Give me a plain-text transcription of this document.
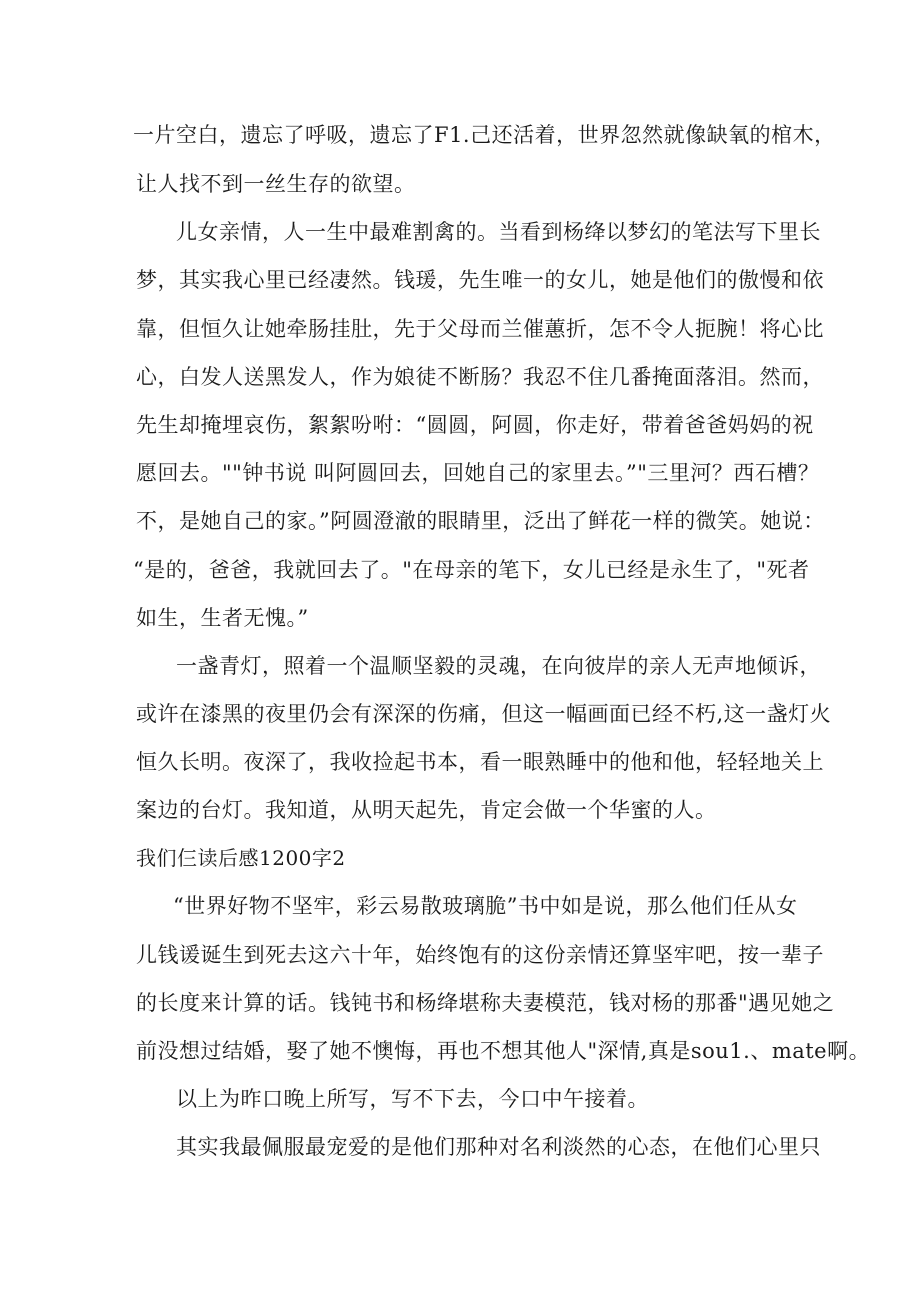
一片空白，遗忘了呼吸，遗忘了F1.己还活着，世界忽然就像缺氧的棺木，
让人找不到一丝生存的欲望。
儿女亲情，人一生中最难割禽的。当看到杨绛以梦幻的笔法写下里长
梦，其实我心里已经凄然。钱瑗，先生唯一的女儿，她是他们的傲慢和依
靠，但恒久让她牵肠挂肚，先于父母而兰催蕙折，怎不令人扼腕！将心比
心，白发人送黑发人，作为娘徒不断肠？我忍不住几番掩面落泪。然而，
先生却掩埋哀伤，絮絮吩咐：“圆圆，阿圆，你走好，带着爸爸妈妈的祝
愿回去。""钟书说 叫阿圆回去，回她自己的家里去。”"三里河？西石槽？
不，是她自己的家。”阿圆澄澈的眼睛里，泛出了鲜花一样的微笑。她说：
“是的，爸爸，我就回去了。"在母亲的笔下，女儿已经是永生了，"死者
如生，生者无愧。”
一盏青灯，照着一个温顺坚毅的灵魂，在向彼岸的亲人无声地倾诉，
或许在漆黑的夜里仍会有深深的伤痛，但这一幅画面已经不朽,这一盏灯火
恒久长明。夜深了，我收捡起书本，看一眼熟睡中的他和他，轻轻地关上
案边的台灯。我知道，从明天起先，肯定会做一个华蜜的人。
我们仨读后感1200字2
“世界好物不坚牢，彩云易散玻璃脆”书中如是说，那么他们任从女
儿钱谖诞生到死去这六十年，始终饱有的这份亲情还算坚牢吧，按一辈子
的长度来计算的话。钱钝书和杨绛堪称夫妻模范，钱对杨的那番"遇见她之
前没想过结婚，娶了她不懊悔，再也不想其他人"深情,真是sou1.、mate啊。
以上为昨口晚上所写，写不下去，今口中午接着。
其实我最佩服最宠爱的是他们那种对名利淡然的心态，在他们心里只
